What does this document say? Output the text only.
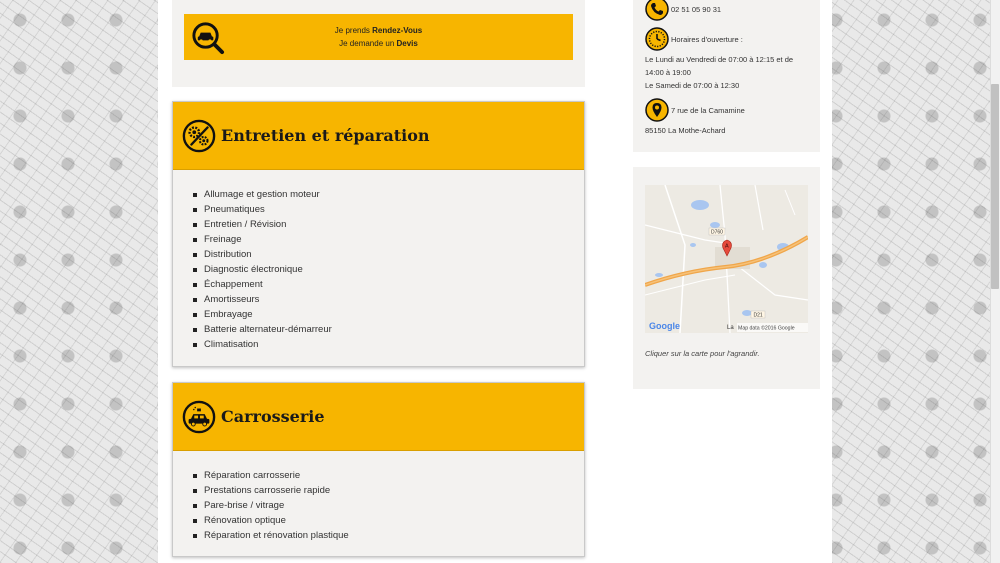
Je prends Rendez-Vous
Je demande un Devis
Entretien et réparation
Allumage et gestion moteur
Pneumatiques
Entretien / Révision
Freinage
Distribution
Diagnostic électronique
Échappement
Amortisseurs
Embrayage
Batterie alternateur-démarreur
Climatisation
Carrosserie
Réparation carrosserie
Prestations carrosserie rapide
Pare-brise / vitrage
Rénovation optique
Réparation et rénovation plastique
02 51 05 90 31
Horaires d'ouverture :
Le Lundi au Vendredi de 07:00 à 12:15 et de
14:00 à 19:00
Le Samedi de 07:00 à 12:30
7 rue de la Camamine
85150 La Mothe-Achard
D760
D21
A
Google	La Map data ©2016 Google
Cliquer sur la carte pour l'agrandir.
